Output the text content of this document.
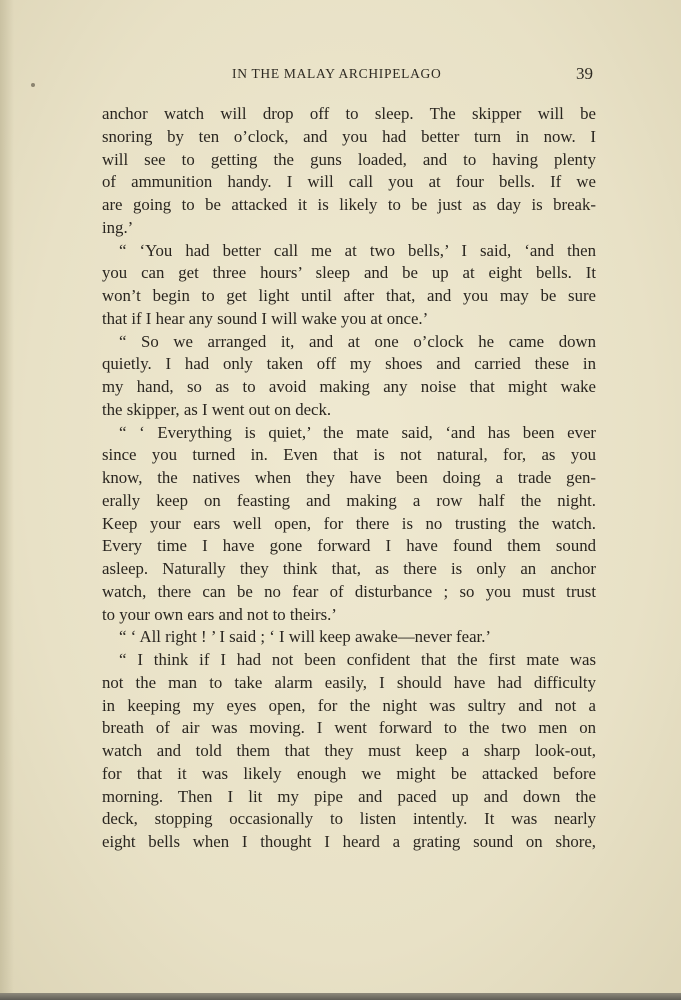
IN THE MALAY ARCHIPELAGO	39
anchor watch will drop off to sleep. The skipper will be
snoring by ten o’clock, and you had better turn in now. I
will see to getting the guns loaded, and to having plenty
of ammunition handy. I will call you at four bells. If we
are going to be attacked it is likely to be just as day is break-
ing.’
“ ‘You had better call me at two bells,’ I said, ‘and then
you can get three hours’ sleep and be up at eight bells. It
won’t begin to get light until after that, and you may be sure
that if I hear any sound I will wake you at once.’
“ So we arranged it, and at one o’clock he came down
quietly. I had only taken off my shoes and carried these in
my hand, so as to avoid making any noise that might wake
the skipper, as I went out on deck.
“ ‘ Everything is quiet,’ the mate said, ‘and has been ever
since you turned in. Even that is not natural, for, as you
know, the natives when they have been doing a trade gen-
erally keep on feasting and making a row half the night.
Keep your ears well open, for there is no trusting the watch.
Every time I have gone forward I have found them sound
asleep. Naturally they think that, as there is only an anchor
watch, there can be no fear of disturbance ; so you must trust
to your own ears and not to theirs.’
“ ‘ All right ! ’ I said ; ‘ I will keep awake—never fear.’
“ I think if I had not been confident that the first mate was
not the man to take alarm easily, I should have had difficulty
in keeping my eyes open, for the night was sultry and not a
breath of air was moving. I went forward to the two men on
watch and told them that they must keep a sharp look-out,
for that it was likely enough we might be attacked before
morning. Then I lit my pipe and paced up and down the
deck, stopping occasionally to listen intently. It was nearly
eight bells when I thought I heard a grating sound on shore,
